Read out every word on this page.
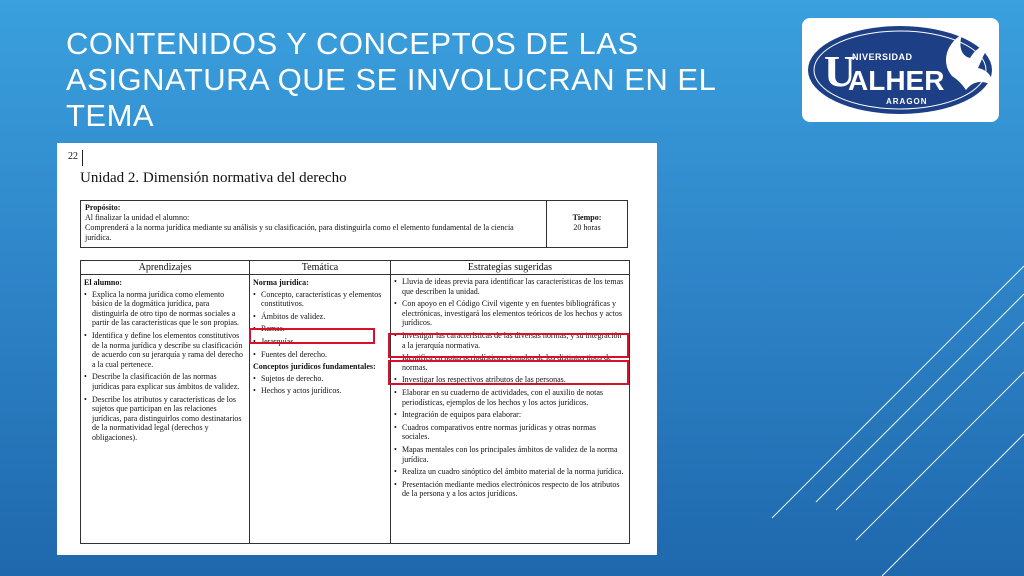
CONTENIDOS Y CONCEPTOS DE LAS ASIGNATURA QUE SE INVOLUCRAN EN EL TEMA
U
NIVERSIDAD
ALHER
ARAGON
22
Unidad 2. Dimensión normativa del derecho
Propósito:
Al finalizar la unidad el alumno:
Comprenderá a la norma jurídica mediante su análisis y su clasificación, para distinguirla como el elemento fundamental de la ciencia jurídica.
Tiempo:
20 horas
Aprendizajes
El alumno:
• Explica la norma jurídica como elemento básico de la dogmática jurídica, para distinguirla de otro tipo de normas sociales a partir de las características que le son propias.
• Identifica y define los elementos constitutivos de la norma jurídica y describe su clasificación de acuerdo con su jerarquía y rama del derecho a la cual pertenece.
• Describe la clasificación de las normas jurídicas para explicar sus ámbitos de validez.
• Describe los atributos y características de los sujetos que participan en las relaciones jurídicas, para distinguirlos como destinatarios de la normatividad legal (derechos y obligaciones).
Temática
Norma jurídica:
• Concepto, características y elementos constitutivos.
• Ámbitos de validez.
• Ramas.
• Jerarquías.
• Fuentes del derecho.
Conceptos jurídicos fundamentales:
• Sujetos de derecho.
• Hechos y actos jurídicos.
Estrategias sugeridas
• Lluvia de ideas previa para identificar las características de los temas que describen la unidad.
• Con apoyo en el Código Civil vigente y en fuentes bibliográficas y electrónicas, investigará los elementos teóricos de los hechos y actos jurídicos.
• Investigar las características de las diversas normas, y su integración a la jerarquía normativa.
• Identifica en notas periodísticas ejemplos de los distintos tipos de normas.
• Investigar los respectivos atributos de las personas.
• Elaborar en su cuaderno de actividades, con el auxilio de notas periodísticas, ejemplos de los hechos y los actos jurídicos.
• Integración de equipos para elaborar:
• Cuadros comparativos entre normas jurídicas y otras normas sociales.
• Mapas mentales con los principales ámbitos de validez de la norma jurídica.
• Realiza un cuadro sinóptico del ámbito material de la norma jurídica.
• Presentación mediante medios electrónicos respecto de los atributos de la persona y a los actos jurídicos.
